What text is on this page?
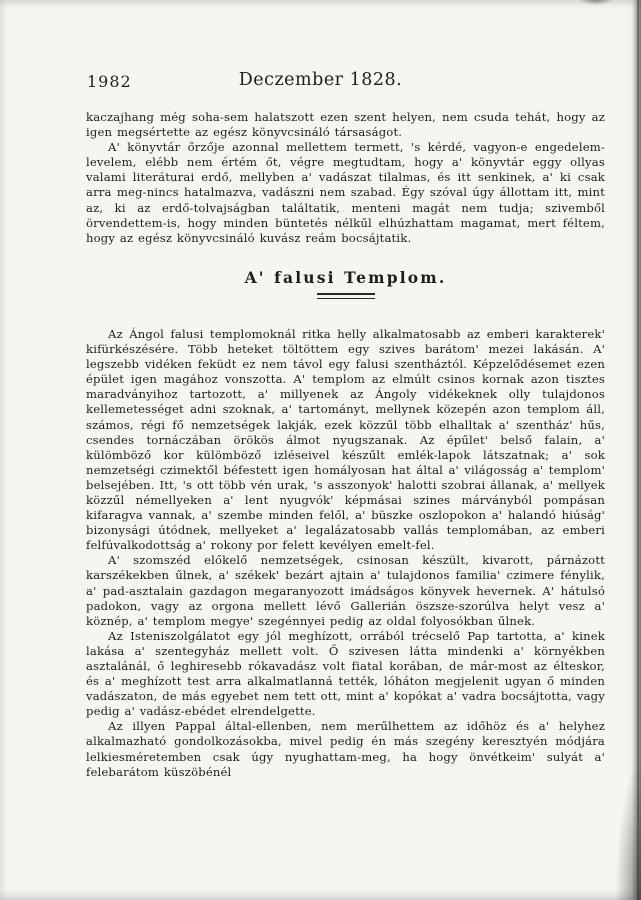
1982	Deczember 1828.

kaczajhang még soha-sem halatszott ezen szent helyen, nem csuda tehát, hogy az igen megsértette az egész könyvcsináló társaságot.

A' könyvtár őrzője azonnal mellettem termett, 's kérdé, vagyon-e engedelem-levelem, elébb nem értém őt, végre megtudtam, hogy a' könyvtár eggy ollyas valami literáturai erdő, mellyben a' vadászat tilalmas, és itt senkinek, a' ki csak arra meg-nincs hatalmazva, vadászni nem szabad. Égy szóval úgy állottam itt, mint az, ki az erdő-tolvajságban találtatik, menteni magát nem tudja; szivemből örvendettem-is, hogy minden büntetés nélkűl elhúzhattam magamat, mert féltem, hogy az egész könyvcsináló kuvász reám bocsájtatik.

A' falusi Templom.

Az Ángol falusi templomoknál ritka helly alkalmatosabb az emberi karakterek' kifürkészésére. Több heteket töltöttem egy szives barátom' mezei lakásán. A' legszebb vidéken feküdt ez nem távol egy falusi szentháztól. Képzelődésemet ezen épület igen magához vonszotta. A' templom az elmúlt csinos kornak azon tisztes maradványihoz tartozott, a' millyenek az Ángoly vidékeknek olly tulajdonos kellemetességet adni szoknak, a' tartományt, mellynek közepén azon templom áll, számos, régi fő nemzetségek lakják, ezek közzűl több elhalltak a' szentház' hűs, csendes tornáczában örökös álmot nyugszanak. Az épűlet' belső falain, a' külömböző kor külömböző izléseivel készűlt emlék-lapok látszatnak; a' sok nemzetségi czimektől béfestett igen homályosan hat által a' világosság a' templom' belsejében. Itt, 's ott több vén urak, 's asszonyok' halotti szobrai állanak, a' mellyek közzűl némellyeken a' lent nyugvók' képmásai szines márványból pompásan kifaragva vannak, a' szembe minden felől, a' büszke oszlopokon a' halandó hiúság' bizonysági útódnek, mellyeket a' legalázatosabb vallás templomában, az emberi felfúvalkodottság a' rokony por felett kevélyen emelt-fel.

A' szomszéd előkelő nemzetségek, csinosan készült, kivarott, párnázott karszékekben űlnek, a' székek' bezárt ajtain a' tulajdonos familia' czimere fénylik, a' pad-asztalain gazdagon megaranyozott imádságos könyvek hevernek. A' hátulsó padokon, vagy az orgona mellett lévő Gallerián öszsze-szorúlva helyt vesz a' köznép, a' templom megye' szegénnyei pedig az oldal folyosókban űlnek.

Az Isteniszolgálatot egy jól meghízott, orrából trécselő Pap tartotta, a' kinek lakása a' szentegyház mellett volt. Ő szivesen látta mindenki a' környékben asztalánál, ő leghiresebb rókavadász volt fiatal korában, de már-most az élteskor, és a' meghízott test arra alkalmatlanná tették, lóháton megjelenit ugyan ő minden vadászaton, de más egyebet nem tett ott, mint a' kopókat a' vadra bocsájtotta, vagy pedig a' vadász-ebédet elrendelgette.

Az illyen Pappal által-ellenben, nem merűlhettem az időhöz és a' helyhez alkalmazható gondolkozásokba, mivel pedig én más szegény keresztyén módjára lelkiesméretemben csak úgy nyughattam-meg, ha hogy önvétkeim' sulyát a' felebarátom küszöbénél
